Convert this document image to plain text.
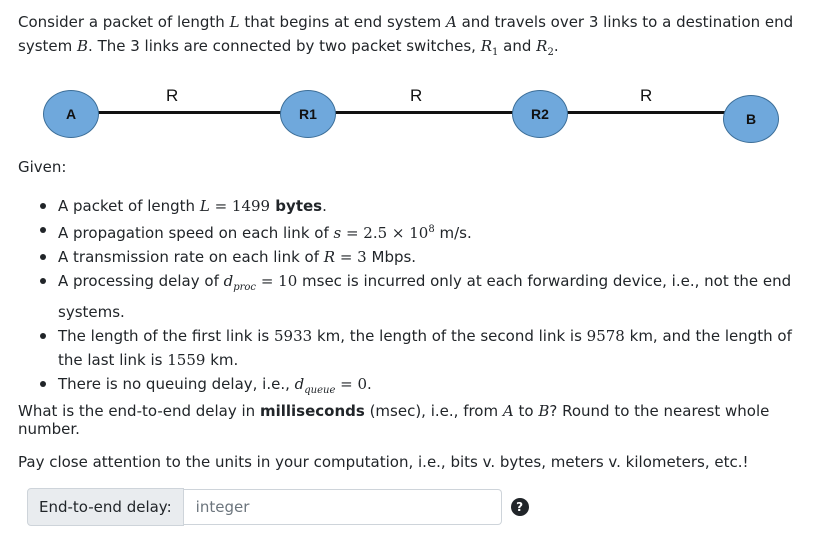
Consider a packet of length L that begins at end system A and travels over 3 links to a destination end system B. The 3 links are connected by two packet switches, $R_1$ and $R_2$.
R	R	R
A	R1	R2	B
Given:
A packet of length L = 1499 bytes.
A propagation speed on each link of $s = 2.5 \times 10^8$ m/s.
A transmission rate on each link of R = 3 Mbps.
A processing delay of $d_{proc} = 10$ msec is incurred only at each forwarding device, i.e., not the end systems.
The length of the first link is 5933 km, the length of the second link is 9578 km, and the length of the last link is 1559 km.
There is no queuing delay, i.e., $d_{queue} = 0$.
What is the end-to-end delay in milliseconds (msec), i.e., from A to B? Round to the nearest whole number.
Pay close attention to the units in your computation, i.e., bits v. bytes, meters v. kilometers, etc.!
End-to-end delay:
integer	?
